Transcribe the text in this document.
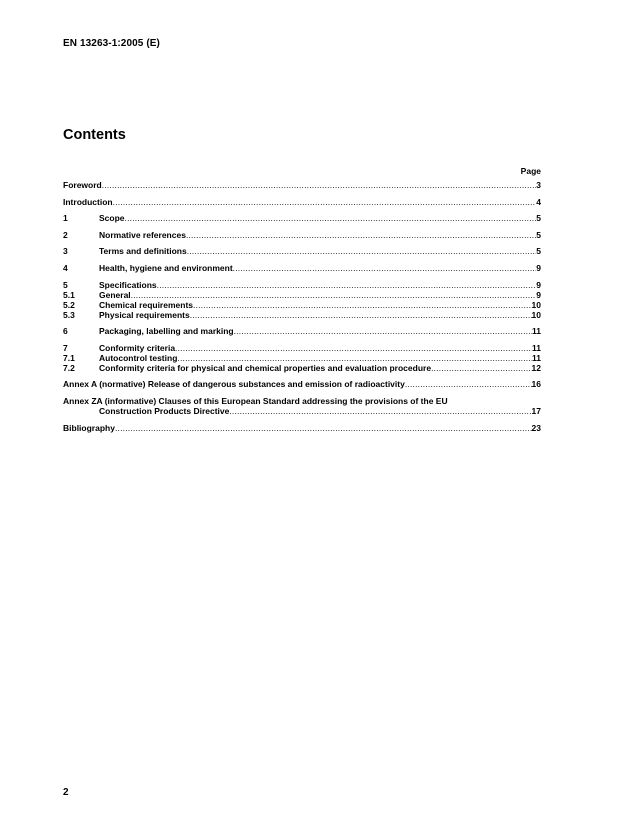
EN 13263-1:2005 (E)
Contents
Page
Foreword .....	3
Introduction .....	4
1	Scope .....	5
2	Normative references .....	5
3	Terms and definitions .....	5
4	Health, hygiene and environment .....	9
5	Specifications .....	9
5.1	General .....	9
5.2	Chemical requirements .....	10
5.3	Physical requirements .....	10
6	Packaging, labelling and marking .....	11
7	Conformity criteria .....	11
7.1	Autocontrol testing .....	11
7.2	Conformity criteria for physical and chemical properties and evaluation procedure .....	12
Annex A (normative) Release of dangerous substances and emission of radioactivity .....	16
Annex ZA (informative) Clauses of this European Standard addressing the provisions of the EU
Construction Products Directive .....	17
Bibliography .....	23
2
